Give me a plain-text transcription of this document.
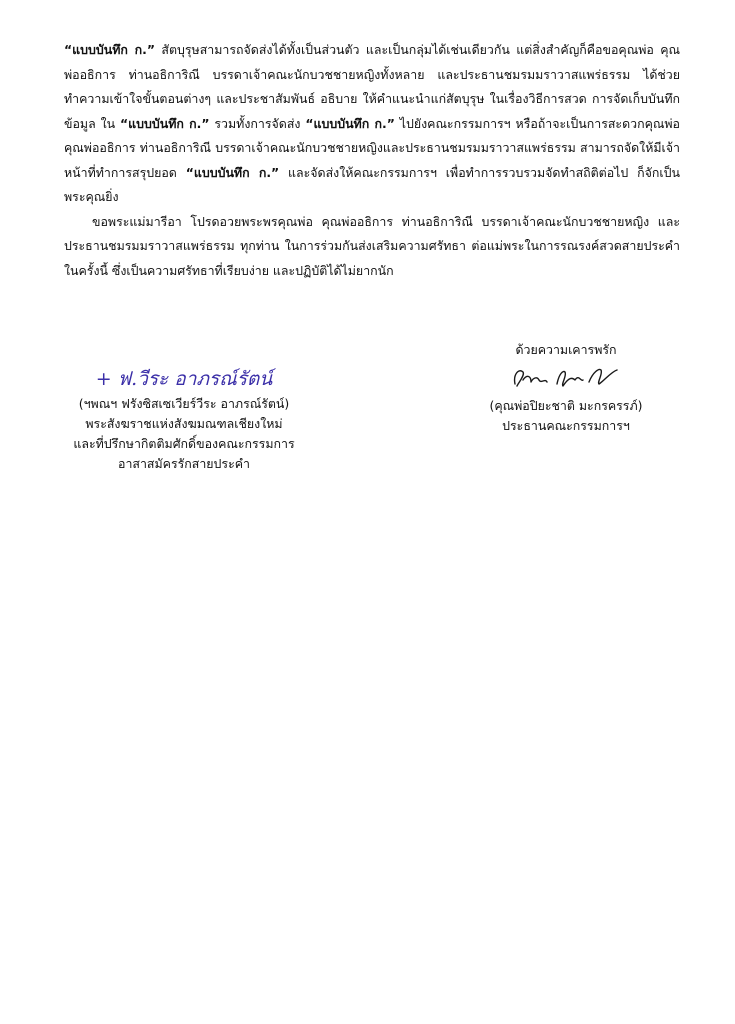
“แบบบันทึก ก.” สัตบุรุษสามารถจัดส่งได้ทั้งเป็นส่วนตัว และเป็นกลุ่มได้เช่นเดียวกัน แต่สิ่งสำคัญก็คือขอคุณพ่อ คุณพ่ออธิการ ท่านอธิการิณี บรรดาเจ้าคณะนักบวชชายหญิงทั้งหลาย และประธานชมรมมราวาสแพร่ธรรม ได้ช่วยทำความเข้าใจขั้นตอนต่างๆ และประชาสัมพันธ์ อธิบาย ให้คำแนะนำแก่สัตบุรุษ ในเรื่องวิธีการสวด การจัดเก็บบันทึกข้อมูล ใน “แบบบันทึก ก.” รวมทั้งการจัดส่ง “แบบบันทึก ก.” ไปยังคณะกรรมการฯ หรือถ้าจะเป็นการสะดวกคุณพ่อ คุณพ่ออธิการ ท่านอธิการิณี บรรดาเจ้าคณะนักบวชชายหญิงและประธานชมรมมราวาสแพร่ธรรม สามารถจัดให้มีเจ้าหน้าที่ทำการสรุปยอด “แบบบันทึก ก.” และจัดส่งให้คณะกรรมการฯ เพื่อทำการรวบรวมจัดทำสถิติต่อไป ก็จักเป็นพระคุณยิ่ง

ขอพระแม่มารีอา โปรดอวยพระพรคุณพ่อ คุณพ่ออธิการ ท่านอธิการิณี บรรดาเจ้าคณะนักบวชชายหญิง และประธานชมรมมราวาสแพร่ธรรม ทุกท่าน ในการร่วมกันส่งเสริมความศรัทธา ต่อแม่พระในการรณรงค์สวดสายประคำในครั้งนี้ ซึ่งเป็นความศรัทธาที่เรียบง่าย และปฏิบัติได้ไม่ยากนัก

+ ฟ.วีระ อาภรณ์รัตน์
(ฯพณฯ ฟรังซิสเซเวียร์วีระ อาภรณ์รัตน์)
พระสังฆราชแห่งสังฆมณฑลเชียงใหม่
และที่ปรึกษากิตติมศักดิ์ของคณะกรรมการ
อาสาสมัครรักสายประคำ
ด้วยความเคารพรัก
(คุณพ่อปิยะชาติ มะกรครรภ์)
ประธานคณะกรรมการฯ
